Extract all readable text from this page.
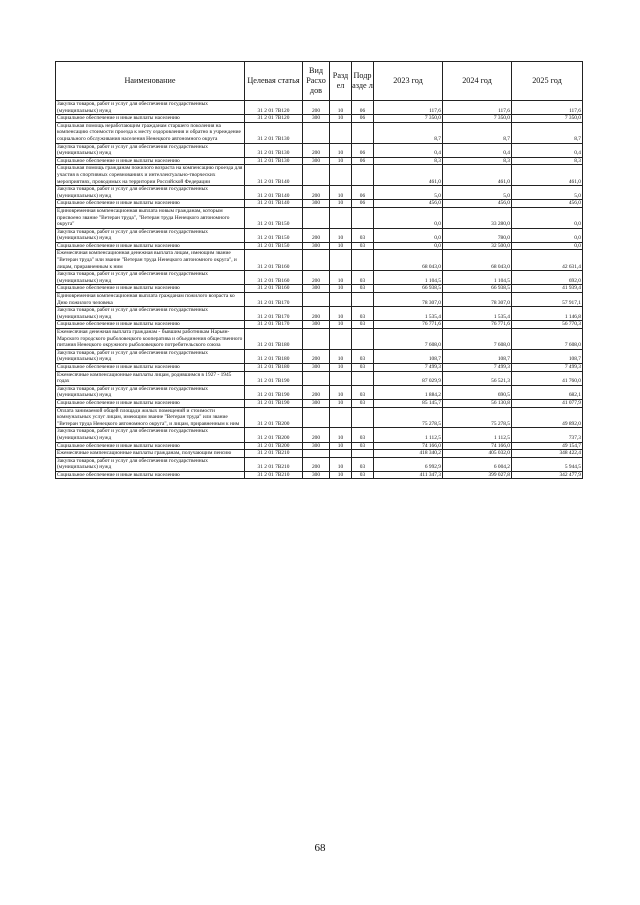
Наименование	Целевая статья	Вид Расхо дов	Разд ел	Подр азде л	2023 год	2024 год	2025 год
Закупка товаров, работ и услуг для обеспечения государственных (муниципальных) нужд	31 2 01 7В120	200	10	06	117,6	117,6	117,6
Социальное обеспечение и иные выплаты населению	31 2 01 7В120	300	10	06	7 350,0	7 350,0	7 350,0
Социальная помощь неработающим гражданам старшего поколения на компенсацию стоимости проезда к месту оздоровления и обратно в учреждение социального обслуживания населения Ненецкого автономного округа	31 2 01 7В130				8,7	8,7	8,7
Закупка товаров, работ и услуг для обеспечения государственных (муниципальных) нужд	31 2 01 7В130	200	10	06	0,4	0,4	0,4
Социальное обеспечение и иные выплаты населению	31 2 01 7В130	300	10	06	8,3	8,3	8,3
Социальная помощь гражданам пожилого возраста на компенсацию проезда для участия в спортивных соревнованиях и интеллектуально-творческих мероприятиях, проводимых на территории Российской Федерации	31 2 01 7В140				461,0	461,0	461,0
Закупка товаров, работ и услуг для обеспечения государственных (муниципальных) нужд	31 2 01 7В140	200	10	06	5,0	5,0	5,0
Социальное обеспечение и иные выплаты населению	31 2 01 7В140	300	10	06	456,0	456,0	456,0
Единовременная компенсационная выплата новым гражданам, которым присвоено звание "Ветеран труда", "Ветеран труда Ненецкого автономного округа"	31 2 01 7В150				0,0	33 280,0	0,0
Закупка товаров, работ и услуг для обеспечения государственных (муниципальных) нужд	31 2 01 7В150	200	10	03	0,0	780,0	0,0
Социальное обеспечение и иные выплаты населению	31 2 01 7В150	300	10	03	0,0	32 500,0	0,0
Ежемесячная компенсационная денежная выплата лицам, имеющим звание "Ветеран труда" или звание "Ветеран труда Ненецкого автономного округа", и лицам, приравненным к ним	31 2 01 7В160				68 043,0	68 043,0	42 631,4
Закупка товаров, работ и услуг для обеспечения государственных (муниципальных) нужд	31 2 01 7В160	200	10	03	1 104,5	1 104,5	692,0
Социальное обеспечение и иные выплаты населению	31 2 01 7В160	300	10	03	66 938,5	66 938,5	41 939,4
Единовременная компенсационная выплата гражданам пожилого возраста ко Дню пожилого человека	31 2 01 7В170				78 307,0	78 307,0	57 917,1
Закупка товаров, работ и услуг для обеспечения государственных (муниципальных) нужд	31 2 01 7В170	200	10	03	1 535,4	1 535,4	1 146,8
Социальное обеспечение и иные выплаты населению	31 2 01 7В170	300	10	03	76 771,6	76 771,6	56 770,3
Ежемесячная денежная выплата гражданам - бывшим работникам Нарьян-Марского городского рыболовецкого кооператива и объединения общественного питания Ненецкого окружного рыболовецкого потребительского союза	31 2 01 7В180				7 608,0	7 608,0	7 608,0
Закупка товаров, работ и услуг для обеспечения государственных (муниципальных) нужд	31 2 01 7В180	200	10	03	108,7	108,7	108,7
Социальное обеспечение и иные выплаты населению	31 2 01 7В180	300	10	03	7 499,3	7 499,3	7 499,3
Ежемесячные компенсационные выплаты лицам, родившимся в 1927 - 1945 годах	31 2 01 7В190				87 029,9	56 521,3	41 760,0
Закупка товаров, работ и услуг для обеспечения государственных (муниципальных) нужд	31 2 01 7В190	200	10	03	1 884,2	690,5	682,1
Социальное обеспечение и иные выплаты населению	31 2 01 7В190	300	10	03	85 145,7	56 130,8	41 077,9
Оплата занимаемой общей площади жилых помещений и стоимости коммунальных услуг лицам, имеющим звание "Ветеран труда" или звание "Ветеран труда Ненецкого автономного округа", и лицам, приравненным к ним	31 2 01 7В200				75 278,5	75 278,5	49 892,0
Закупка товаров, работ и услуг для обеспечения государственных (муниципальных) нужд	31 2 01 7В200	200	10	03	1 112,5	1 112,5	737,3
Социальное обеспечение и иные выплаты населению	31 2 01 7В200	300	10	03	74 166,0	74 166,0	49 154,7
Ежемесячные компенсационные выплаты гражданам, получающим пенсию	31 2 01 7В210				418 340,2	405 032,0	348 422,4
Закупка товаров, работ и услуг для обеспечения государственных (муниципальных) нужд	31 2 01 7В210	200	10	03	6 992,9	6 004,2	5 944,5
Социальное обеспечение и иные выплаты населению	31 2 01 7В210	300	10	03	411 347,3	399 027,8	342 477,9
68
